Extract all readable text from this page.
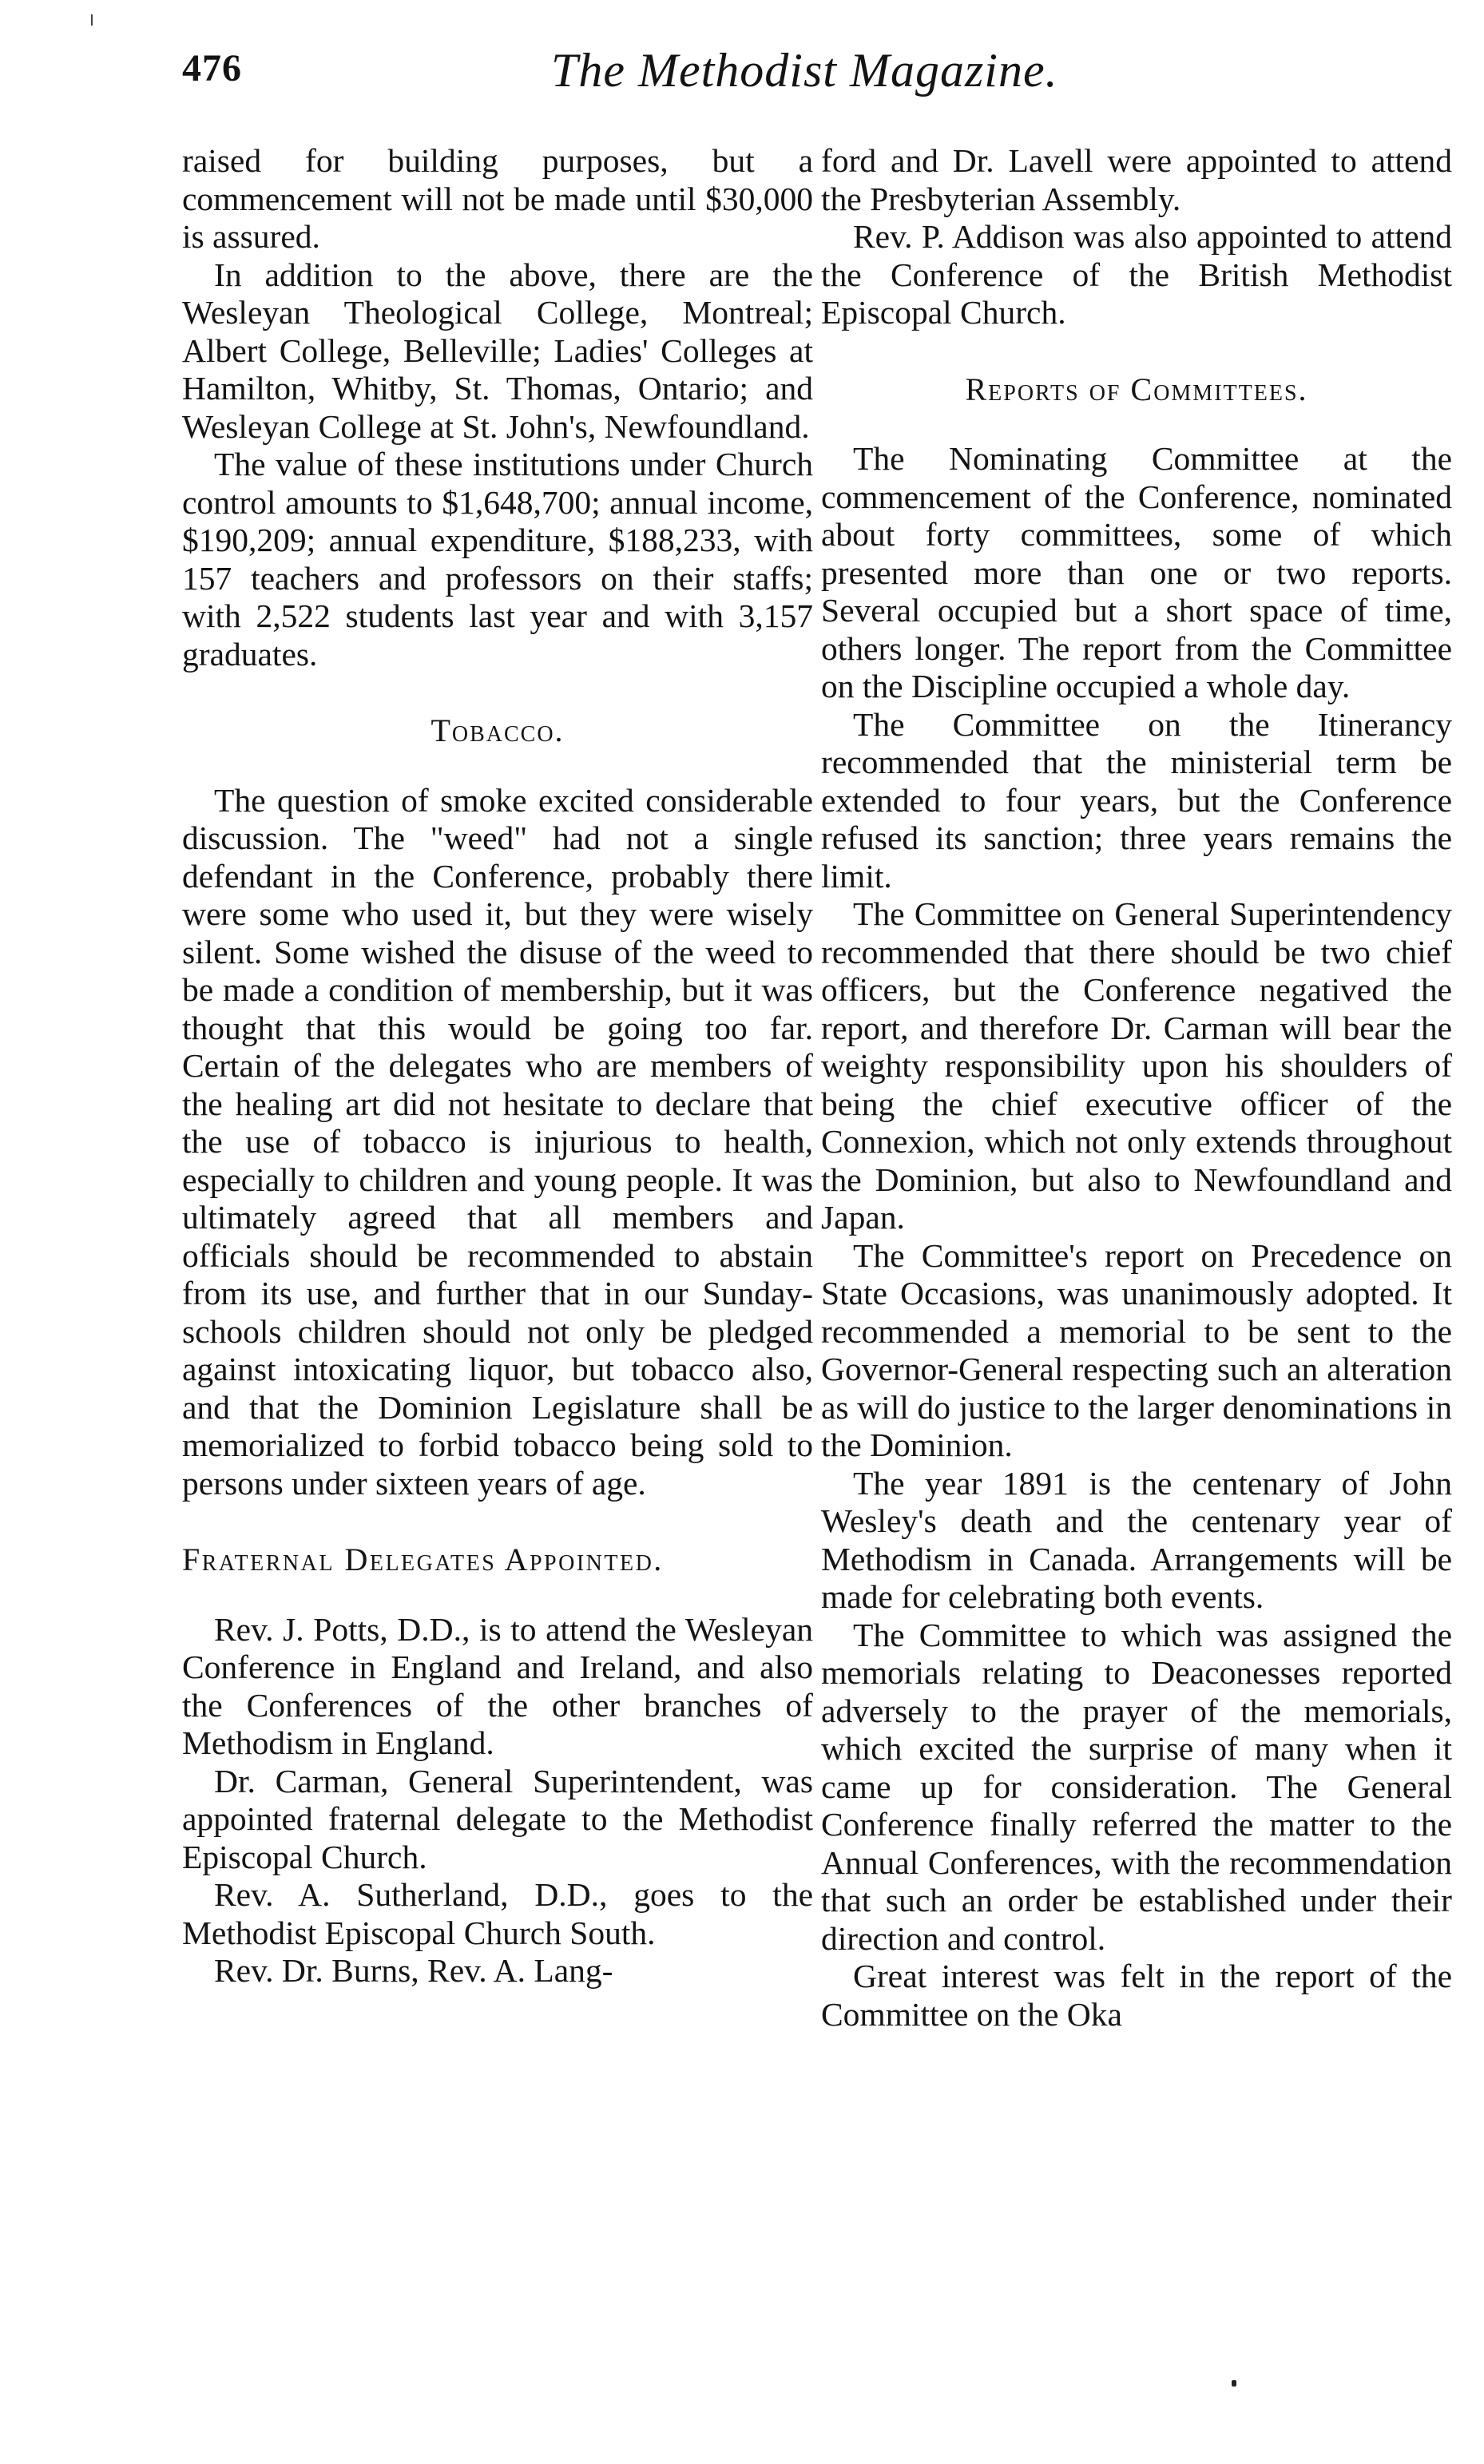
476	The Methodist Magazine.

raised for building purposes, but a commencement will not be made until $30,000 is assured.

In addition to the above, there are the Wesleyan Theological College, Montreal; Albert College, Belleville; Ladies' Colleges at Hamilton, Whitby, St. Thomas, Ontario; and Wesleyan College at St. John's, Newfoundland.

The value of these institutions under Church control amounts to $1,648,700; annual income, $190,209; annual expenditure, $188,233, with 157 teachers and professors on their staffs; with 2,522 students last year and with 3,157 graduates.

Tobacco.

The question of smoke excited considerable discussion. The "weed" had not a single defendant in the Conference, probably there were some who used it, but they were wisely silent. Some wished the disuse of the weed to be made a condition of membership, but it was thought that this would be going too far. Certain of the delegates who are members of the healing art did not hesitate to declare that the use of tobacco is injurious to health, especially to children and young people. It was ultimately agreed that all members and officials should be recommended to abstain from its use, and further that in our Sunday-schools children should not only be pledged against intoxicating liquor, but tobacco also, and that the Dominion Legislature shall be memorialized to forbid tobacco being sold to persons under sixteen years of age.

Fraternal Delegates Appointed.

Rev. J. Potts, D.D., is to attend the Wesleyan Conference in England and Ireland, and also the Conferences of the other branches of Methodism in England.

Dr. Carman, General Superintendent, was appointed fraternal delegate to the Methodist Episcopal Church.

Rev. A. Sutherland, D.D., goes to the Methodist Episcopal Church South.

Rev. Dr. Burns, Rev. A. Lang-

ford and Dr. Lavell were appointed to attend the Presbyterian Assembly.

Rev. P. Addison was also appointed to attend the Conference of the British Methodist Episcopal Church.

Reports of Committees.

The Nominating Committee at the commencement of the Conference, nominated about forty committees, some of which presented more than one or two reports. Several occupied but a short space of time, others longer. The report from the Committee on the Discipline occupied a whole day.

The Committee on the Itinerancy recommended that the ministerial term be extended to four years, but the Conference refused its sanction; three years remains the limit.

The Committee on General Superintendency recommended that there should be two chief officers, but the Conference negatived the report, and therefore Dr. Carman will bear the weighty responsibility upon his shoulders of being the chief executive officer of the Connexion, which not only extends throughout the Dominion, but also to Newfoundland and Japan.

The Committee's report on Precedence on State Occasions, was unanimously adopted. It recommended a memorial to be sent to the Governor-General respecting such an alteration as will do justice to the larger denominations in the Dominion.

The year 1891 is the centenary of John Wesley's death and the centenary year of Methodism in Canada. Arrangements will be made for celebrating both events.

The Committee to which was assigned the memorials relating to Deaconesses reported adversely to the prayer of the memorials, which excited the surprise of many when it came up for consideration. The General Conference finally referred the matter to the Annual Conferences, with the recommendation that such an order be established under their direction and control.

Great interest was felt in the report of the Committee on the Oka
